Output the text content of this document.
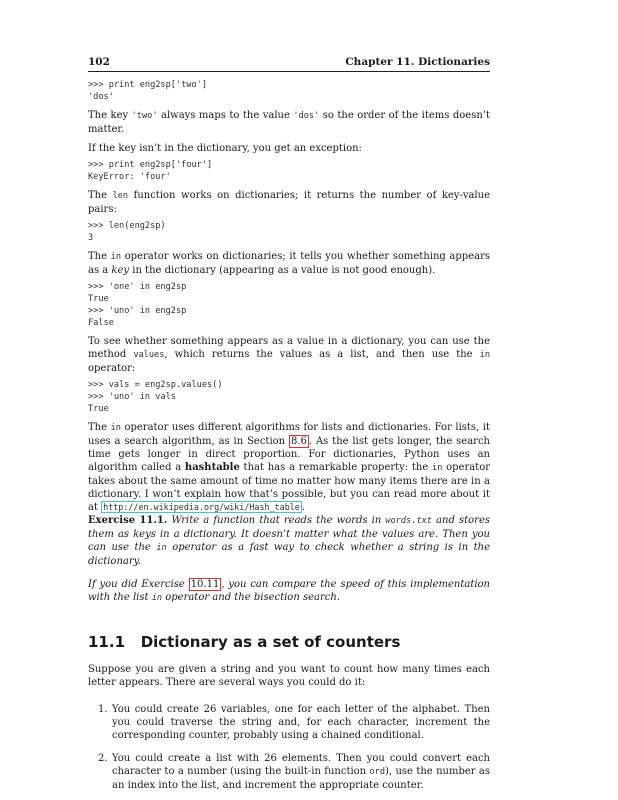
102	Chapter 11. Dictionaries
>>> print eng2sp['two']
'dos'

The key 'two' always maps to the value 'dos' so the order of the items doesn’t matter.

If the key isn’t in the dictionary, you get an exception:

>>> print eng2sp['four']
KeyError: 'four'

The len function works on dictionaries; it returns the number of key-value pairs:

>>> len(eng2sp)
3

The in operator works on dictionaries; it tells you whether something appears as a key in the dictionary (appearing as a value is not good enough).

>>> 'one' in eng2sp
True
>>> 'uno' in eng2sp
False

To see whether something appears as a value in a dictionary, you can use the method values, which returns the values as a list, and then use the in operator:

>>> vals = eng2sp.values()
>>> 'uno' in vals
True

The in operator uses different algorithms for lists and dictionaries. For lists, it uses a search algorithm, as in Section 8.6 . As the list gets longer, the search time gets longer in direct proportion. For dictionaries, Python uses an algorithm called a hashtable that has a remarkable property: the in operator takes about the same amount of time no matter how many items there are in a dictionary. I won’t explain how that’s possible, but you can read more about it at http://en.wikipedia.org/wiki/Hash_table .

Exercise 11.1. Write a function that reads the words in words.txt and stores them as keys in a dictionary. It doesn’t matter what the values are. Then you can use the in operator as a fast way to check whether a string is in the dictionary.

If you did Exercise 10.11 , you can compare the speed of this implementation with the list in operator and the bisection search.

11.1 Dictionary as a set of counters

Suppose you are given a string and you want to count how many times each letter appears. There are several ways you could do it:

1. You could create 26 variables, one for each letter of the alphabet. Then you could traverse the string and, for each character, increment the corresponding counter, probably using a chained conditional.
2. You could create a list with 26 elements. Then you could convert each character to a number (using the built-in function ord), use the number as an index into the list, and increment the appropriate counter.
